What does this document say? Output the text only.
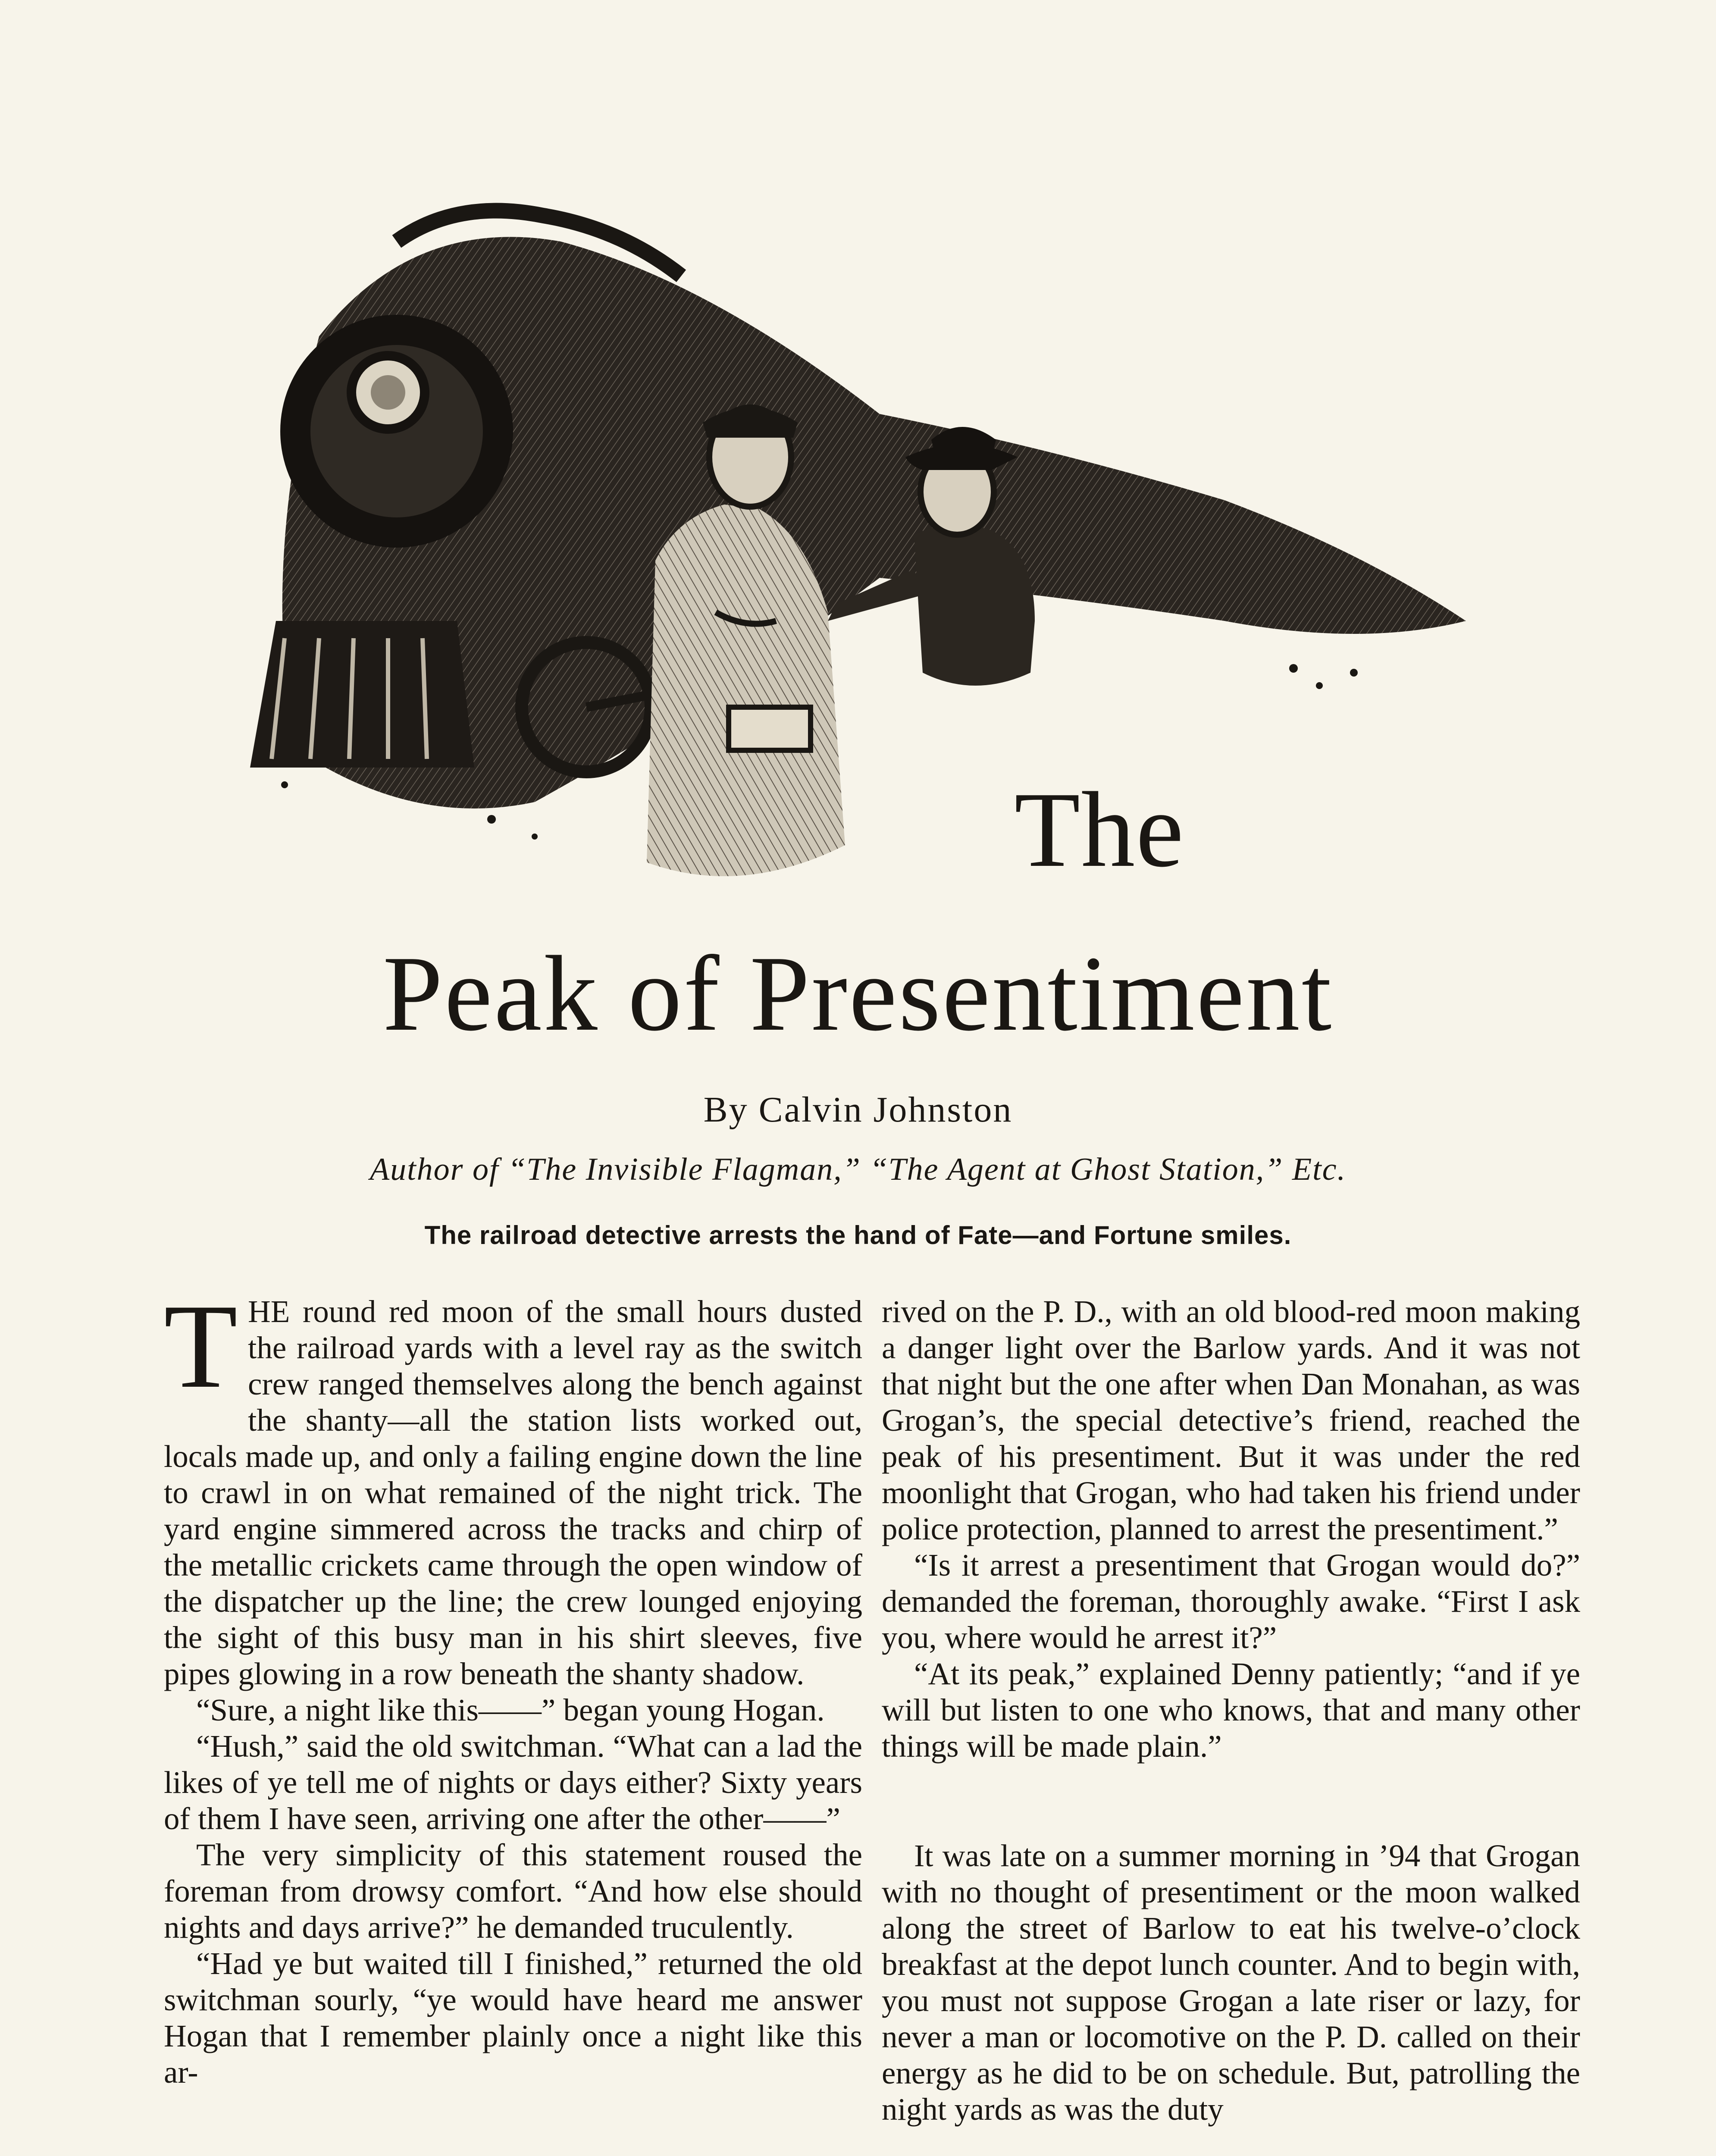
The
Peak of Presentiment
By Calvin Johnston
Author of “The Invisible Flagman,” “The Agent at Ghost Station,” Etc.
The railroad detective arrests the hand of Fate—and Fortune smiles.

THE round red moon of the small hours dusted the railroad yards with a level ray as the switch crew ranged themselves along the bench against the shanty—all the station lists worked out, locals made up, and only a failing engine down the line to crawl in on what remained of the night trick. The yard engine simmered across the tracks and chirp of the metallic crickets came through the open window of the dispatcher up the line; the crew lounged enjoying the sight of this busy man in his shirt sleeves, five pipes glowing in a row beneath the shanty shadow.

“Sure, a night like this——” began young Hogan.

“Hush,” said the old switchman. “What can a lad the likes of ye tell me of nights or days either? Sixty years of them I have seen, arriving one after the other——”

The very simplicity of this statement roused the foreman from drowsy comfort. “And how else should nights and days arrive?” he demanded truculently.

“Had ye but waited till I finished,” returned the old switchman sourly, “ye would have heard me answer Hogan that I remember plainly once a night like this ar-

rived on the P. D., with an old blood-red moon making a danger light over the Barlow yards. And it was not that night but the one after when Dan Monahan, as was Grogan’s, the special detective’s friend, reached the peak of his presentiment. But it was under the red moonlight that Grogan, who had taken his friend under police protection, planned to arrest the presentiment.”

“Is it arrest a presentiment that Grogan would do?” demanded the foreman, thoroughly awake. “First I ask you, where would he arrest it?”

“At its peak,” explained Denny patiently; “and if ye will but listen to one who knows, that and many other things will be made plain.”

It was late on a summer morning in ’94 that Grogan with no thought of presentiment or the moon walked along the street of Barlow to eat his twelve-o’clock breakfast at the depot lunch counter. And to begin with, you must not suppose Grogan a late riser or lazy, for never a man or locomotive on the P. D. called on their energy as he did to be on schedule. But, patrolling the night yards as was the duty
